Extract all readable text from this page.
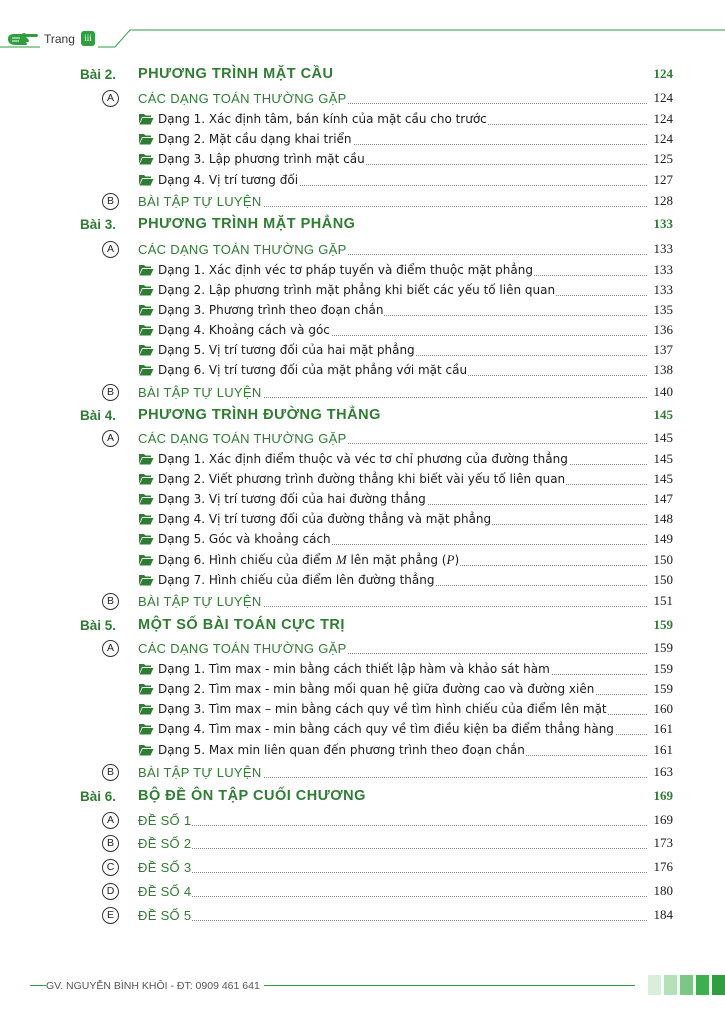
Trang	iii
Bài 2. PHƯƠNG TRÌNH MẶT CẦU	124
A	CÁC DẠNG TOÁN THƯỜNG GẶP	124
Dạng 1. Xác định tâm, bán kính của mặt cầu cho trước	124
Dạng 2. Mặt cầu dạng khai triển	124
Dạng 3. Lập phương trình mặt cầu	125
Dạng 4. Vị trí tương đối	127
B	BÀI TẬP TỰ LUYỆN	128
Bài 3. PHƯƠNG TRÌNH MẶT PHẲNG	133
A	CÁC DẠNG TOÁN THƯỜNG GẶP	133
Dạng 1. Xác định véc tơ pháp tuyến và điểm thuộc mặt phẳng	133
Dạng 2. Lập phương trình mặt phẳng khi biết các yếu tố liên quan	133
Dạng 3. Phương trình theo đoạn chắn	135
Dạng 4. Khoảng cách và góc	136
Dạng 5. Vị trí tương đối của hai mặt phẳng	137
Dạng 6. Vị trí tương đối của mặt phẳng với mặt cầu	138
B	BÀI TẬP TỰ LUYỆN	140
Bài 4. PHƯƠNG TRÌNH ĐƯỜNG THẲNG	145
A	CÁC DẠNG TOÁN THƯỜNG GẶP	145
Dạng 1. Xác định điểm thuộc và véc tơ chỉ phương của đường thẳng	145
Dạng 2. Viết phương trình đường thẳng khi biết vài yếu tố liên quan	145
Dạng 3. Vị trí tương đối của hai đường thẳng	147
Dạng 4. Vị trí tương đối của đường thẳng và mặt phẳng	148
Dạng 5. Góc và khoảng cách	149
Dạng 6. Hình chiếu của điểm M lên mặt phẳng (P)	150
Dạng 7. Hình chiếu của điểm lên đường thẳng	150
B	BÀI TẬP TỰ LUYỆN	151
Bài 5. MỘT SỐ BÀI TOÁN CỰC TRỊ	159
A	CÁC DẠNG TOÁN THƯỜNG GẶP	159
Dạng 1. Tìm max - min bằng cách thiết lập hàm và khảo sát hàm	159
Dạng 2. Tìm max - min bằng mối quan hệ giữa đường cao và đường xiên	159
Dạng 3. Tìm max – min bằng cách quy về tìm hình chiếu của điểm lên mặt	160
Dạng 4. Tìm max - min bằng cách quy về tìm điều kiện ba điểm thẳng hàng	161
Dạng 5. Max min liên quan đến phương trình theo đoạn chắn	161
B	BÀI TẬP TỰ LUYỆN	163
Bài 6. BỘ ĐỀ ÔN TẬP CUỐI CHƯƠNG	169
A	ĐỀ SỐ 1	169
B	ĐỀ SỐ 2	173
C	ĐỀ SỐ 3	176
D	ĐỀ SỐ 4	180
E	ĐỀ SỐ 5	184
GV. NGUYỄN BÌNH KHÔI - ĐT: 0909 461 641
